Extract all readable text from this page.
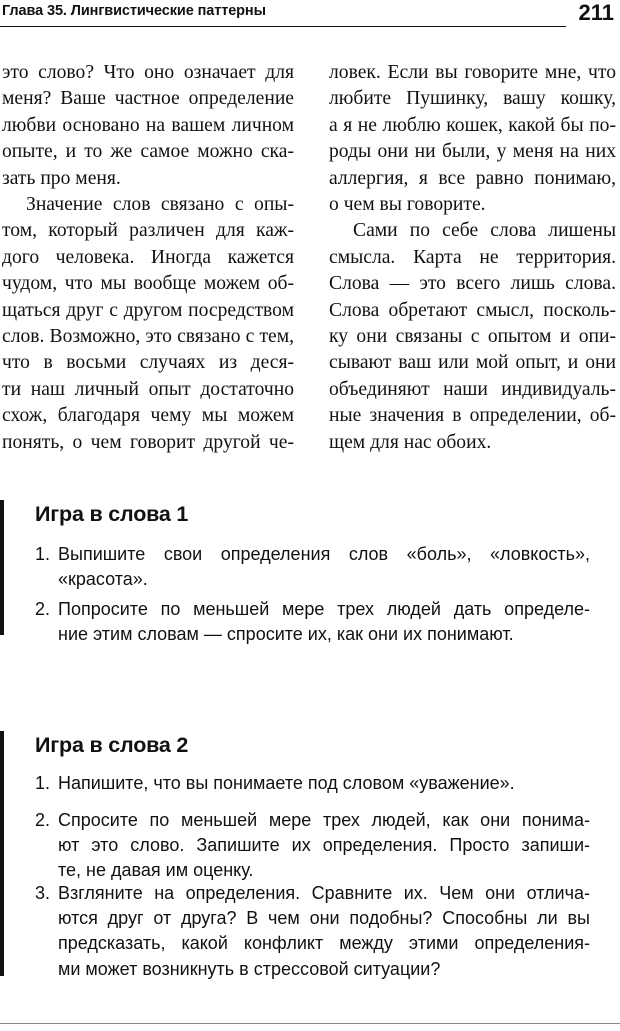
Глава 35. Лингвистические паттерны	211
это слово? Что оно означает для
меня? Ваше частное определение
любви основано на вашем личном
опыте, и то же самое можно ска-
зать про меня.
Значение слов связано с опы-
том, который различен для каж-
дого человека. Иногда кажется
чудом, что мы вообще можем об-
щаться друг с другом посредством
слов. Возможно, это связано с тем,
что в восьми случаях из деся-
ти наш личный опыт достаточно
схож, благодаря чему мы можем
понять, о чем говорит другой че-
ловек. Если вы говорите мне, что
любите Пушинку, вашу кошку,
а я не люблю кошек, какой бы по-
роды они ни были, у меня на них
аллергия, я все равно понимаю,
о чем вы говорите.
Сами по себе слова лишены
смысла. Карта не территория.
Слова — это всего лишь слова.
Слова обретают смысл, посколь-
ку они связаны с опытом и опи-
сывают ваш или мой опыт, и они
объединяют наши индивидуаль-
ные значения в определении, об-
щем для нас обоих.
Игра в слова 1
1. Выпишите свои определения слов «боль», «ловкость»,
«красота».
2. Попросите по меньшей мере трех людей дать определе-
ние этим словам — спросите их, как они их понимают.
Игра в слова 2
1. Напишите, что вы понимаете под словом «уважение».
2. Спросите по меньшей мере трех людей, как они понима-
ют это слово. Запишите их определения. Просто запиши-
те, не давая им оценку.
3. Взгляните на определения. Сравните их. Чем они отлича-
ются друг от друга? В чем они подобны? Способны ли вы
предсказать, какой конфликт между этими определения-
ми может возникнуть в стрессовой ситуации?
